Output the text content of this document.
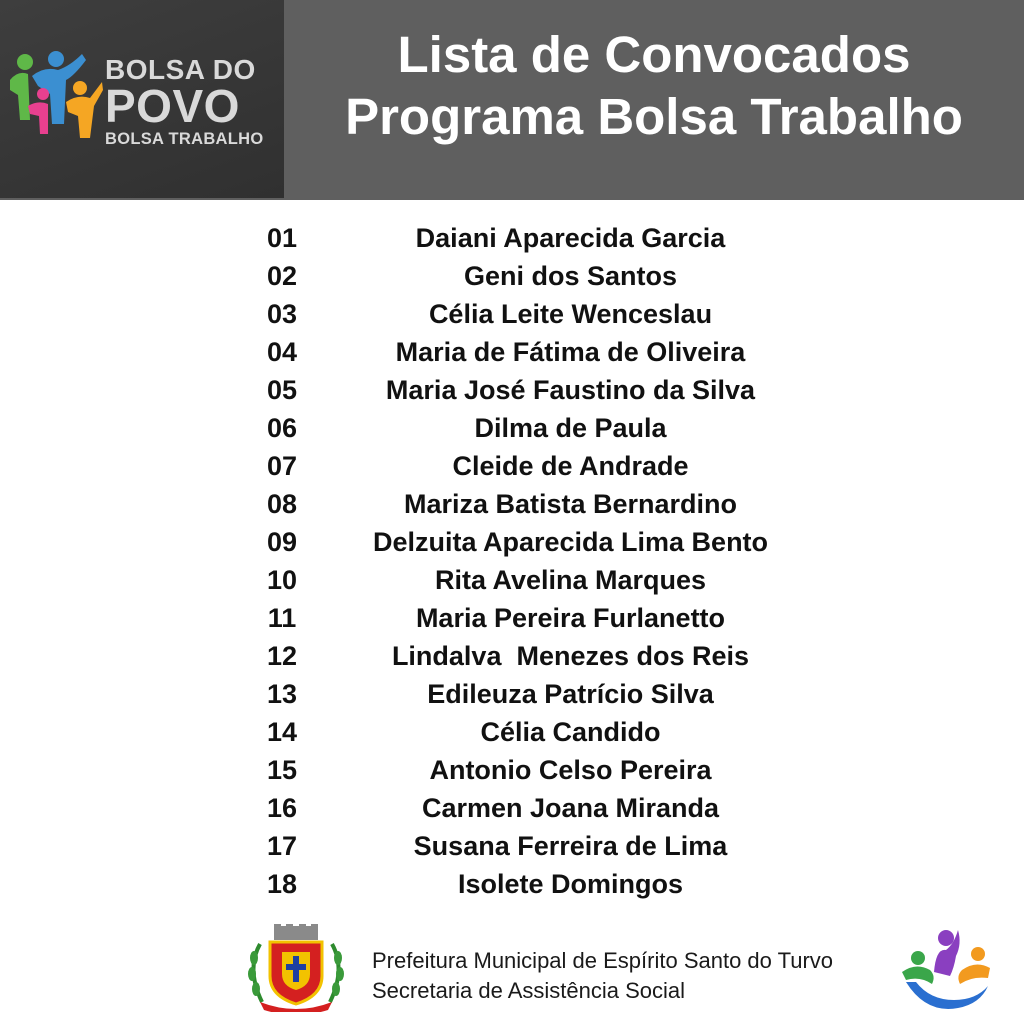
BOLSA DO
POVO
BOLSA TRABALHO
Lista de Convocados
Programa Bolsa Trabalho
01	Daiani Aparecida Garcia
02	Geni dos Santos
03	Célia Leite Wenceslau
04	Maria de Fátima de Oliveira
05	Maria José Faustino da Silva
06	Dilma de Paula
07	Cleide de Andrade
08	Mariza Batista Bernardino
09	Delzuita Aparecida Lima Bento
10	Rita Avelina Marques
11	Maria Pereira Furlanetto
12	Lindalva  Menezes dos Reis
13	Edileuza Patrício Silva
14	Célia Candido
15	Antonio Celso Pereira
16	Carmen Joana Miranda
17	Susana Ferreira de Lima
18	Isolete Domingos
Prefeitura Municipal de Espírito Santo do Turvo
Secretaria de Assistência Social
